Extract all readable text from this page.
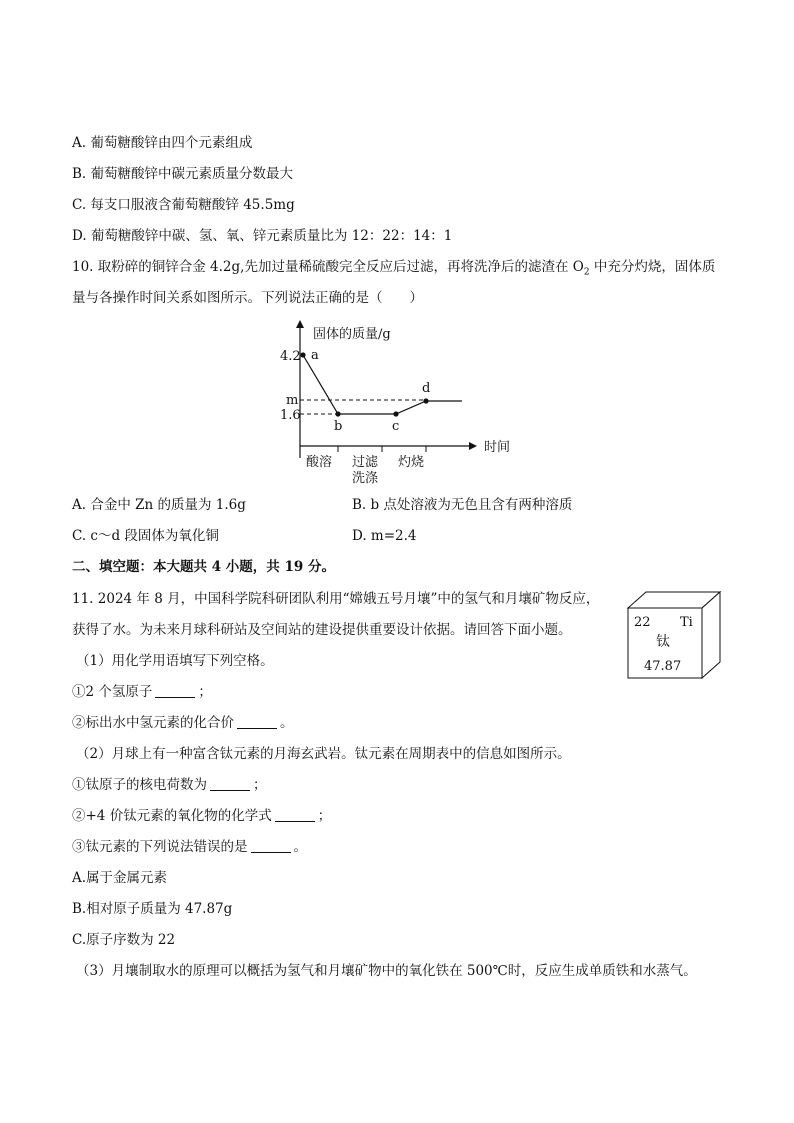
A. 葡萄糖酸锌由四个元素组成
B. 葡萄糖酸锌中碳元素质量分数最大
C. 每支口服液含葡萄糖酸锌 45.5mg
D. 葡萄糖酸锌中碳、氢、氧、锌元素质量比为 12：22：14：1
10. 取粉碎的铜锌合金 4.2g,先加过量稀硫酸完全反应后过滤，再将洗净后的滤渣在 $O_2$ 中充分灼烧，固体质
量与各操作时间关系如图所示。下列说法正确的是（　　）
固体的质量/g
时间
4.2
m
1.6
a
b	c
d
酸溶 过滤
洗涤
灼烧
A. 合金中 Zn 的质量为 1.6g	B. b 点处溶液为无色且含有两种溶质
C. c～d 段固体为氧化铜	D. m=2.4
二、填空题：本大题共 4 小题，共 19 分。
11. 2024 年 8 月，中国科学院科研团队利用“嫦娥五号月壤”中的氢气和月壤矿物反应，
获得了水。为未来月球科研站及空间站的建设提供重要设计依据。请回答下面小题。
（1）用化学用语填写下列空格。
①2 个氢原子	；
②标出水中氢元素的化合价	。
（2）月球上有一种富含钛元素的月海玄武岩。钛元素在周期表中的信息如图所示。
①钛原子的核电荷数为	；
②+4 价钛元素的氧化物的化学式	；
③钛元素的下列说法错误的是	。
A.属于金属元素
B.相对原子质量为 47.87g
C.原子序数为 22
（3）月壤制取水的原理可以概括为氢气和月壤矿物中的氧化铁在 500℃时，反应生成单质铁和水蒸气。
22 Ti
钛
47.87
